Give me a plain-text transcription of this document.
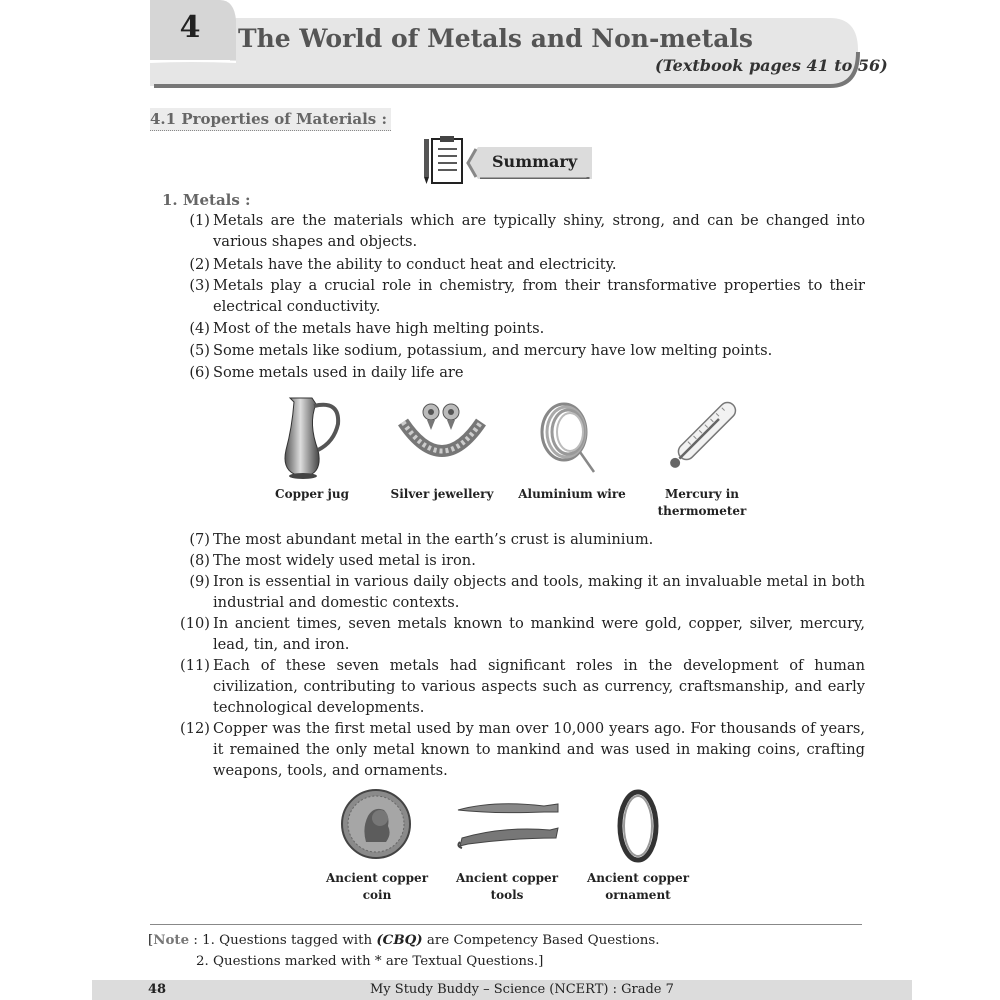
4	The World of Metals and Non-metals
(Textbook pages 41 to 56)
4.1 Properties of Materials :
Summary
1. Metals :
(1) Metals are the materials which are typically shiny, strong, and can be changed into various shapes and objects.
(2) Metals have the ability to conduct heat and electricity.
(3) Metals play a crucial role in chemistry, from their transformative properties to their electrical conductivity.
(4) Most of the metals have high melting points.
(5) Some metals like sodium, potassium, and mercury have low melting points.
(6) Some metals used in daily life are
Copper jug	Silver jewellery	Aluminium wire	Mercury in
thermometer
(7) The most abundant metal in the earth’s crust is aluminium.
(8) The most widely used metal is iron.
(9) Iron is essential in various daily objects and tools, making it an invaluable metal in both industrial and domestic contexts.
(10) In ancient times, seven metals known to mankind were gold, copper, silver, mercury, lead, tin, and iron.
(11) Each of these seven metals had significant roles in the development of human civilization, contributing to various aspects such as currency, craftsmanship, and early technological developments.
(12) Copper was the first metal used by man over 10,000 years ago. For thousands of years, it remained the only metal known to mankind and was used in making coins, crafting weapons, tools, and ornaments.
Ancient copper
coin
Ancient copper
tools
Ancient copper
ornament
[Note : 1. Questions tagged with (CBQ) are Competency Based Questions.
2. Questions marked with * are Textual Questions.]
48	My Study Buddy – Science (NCERT) : Grade 7
